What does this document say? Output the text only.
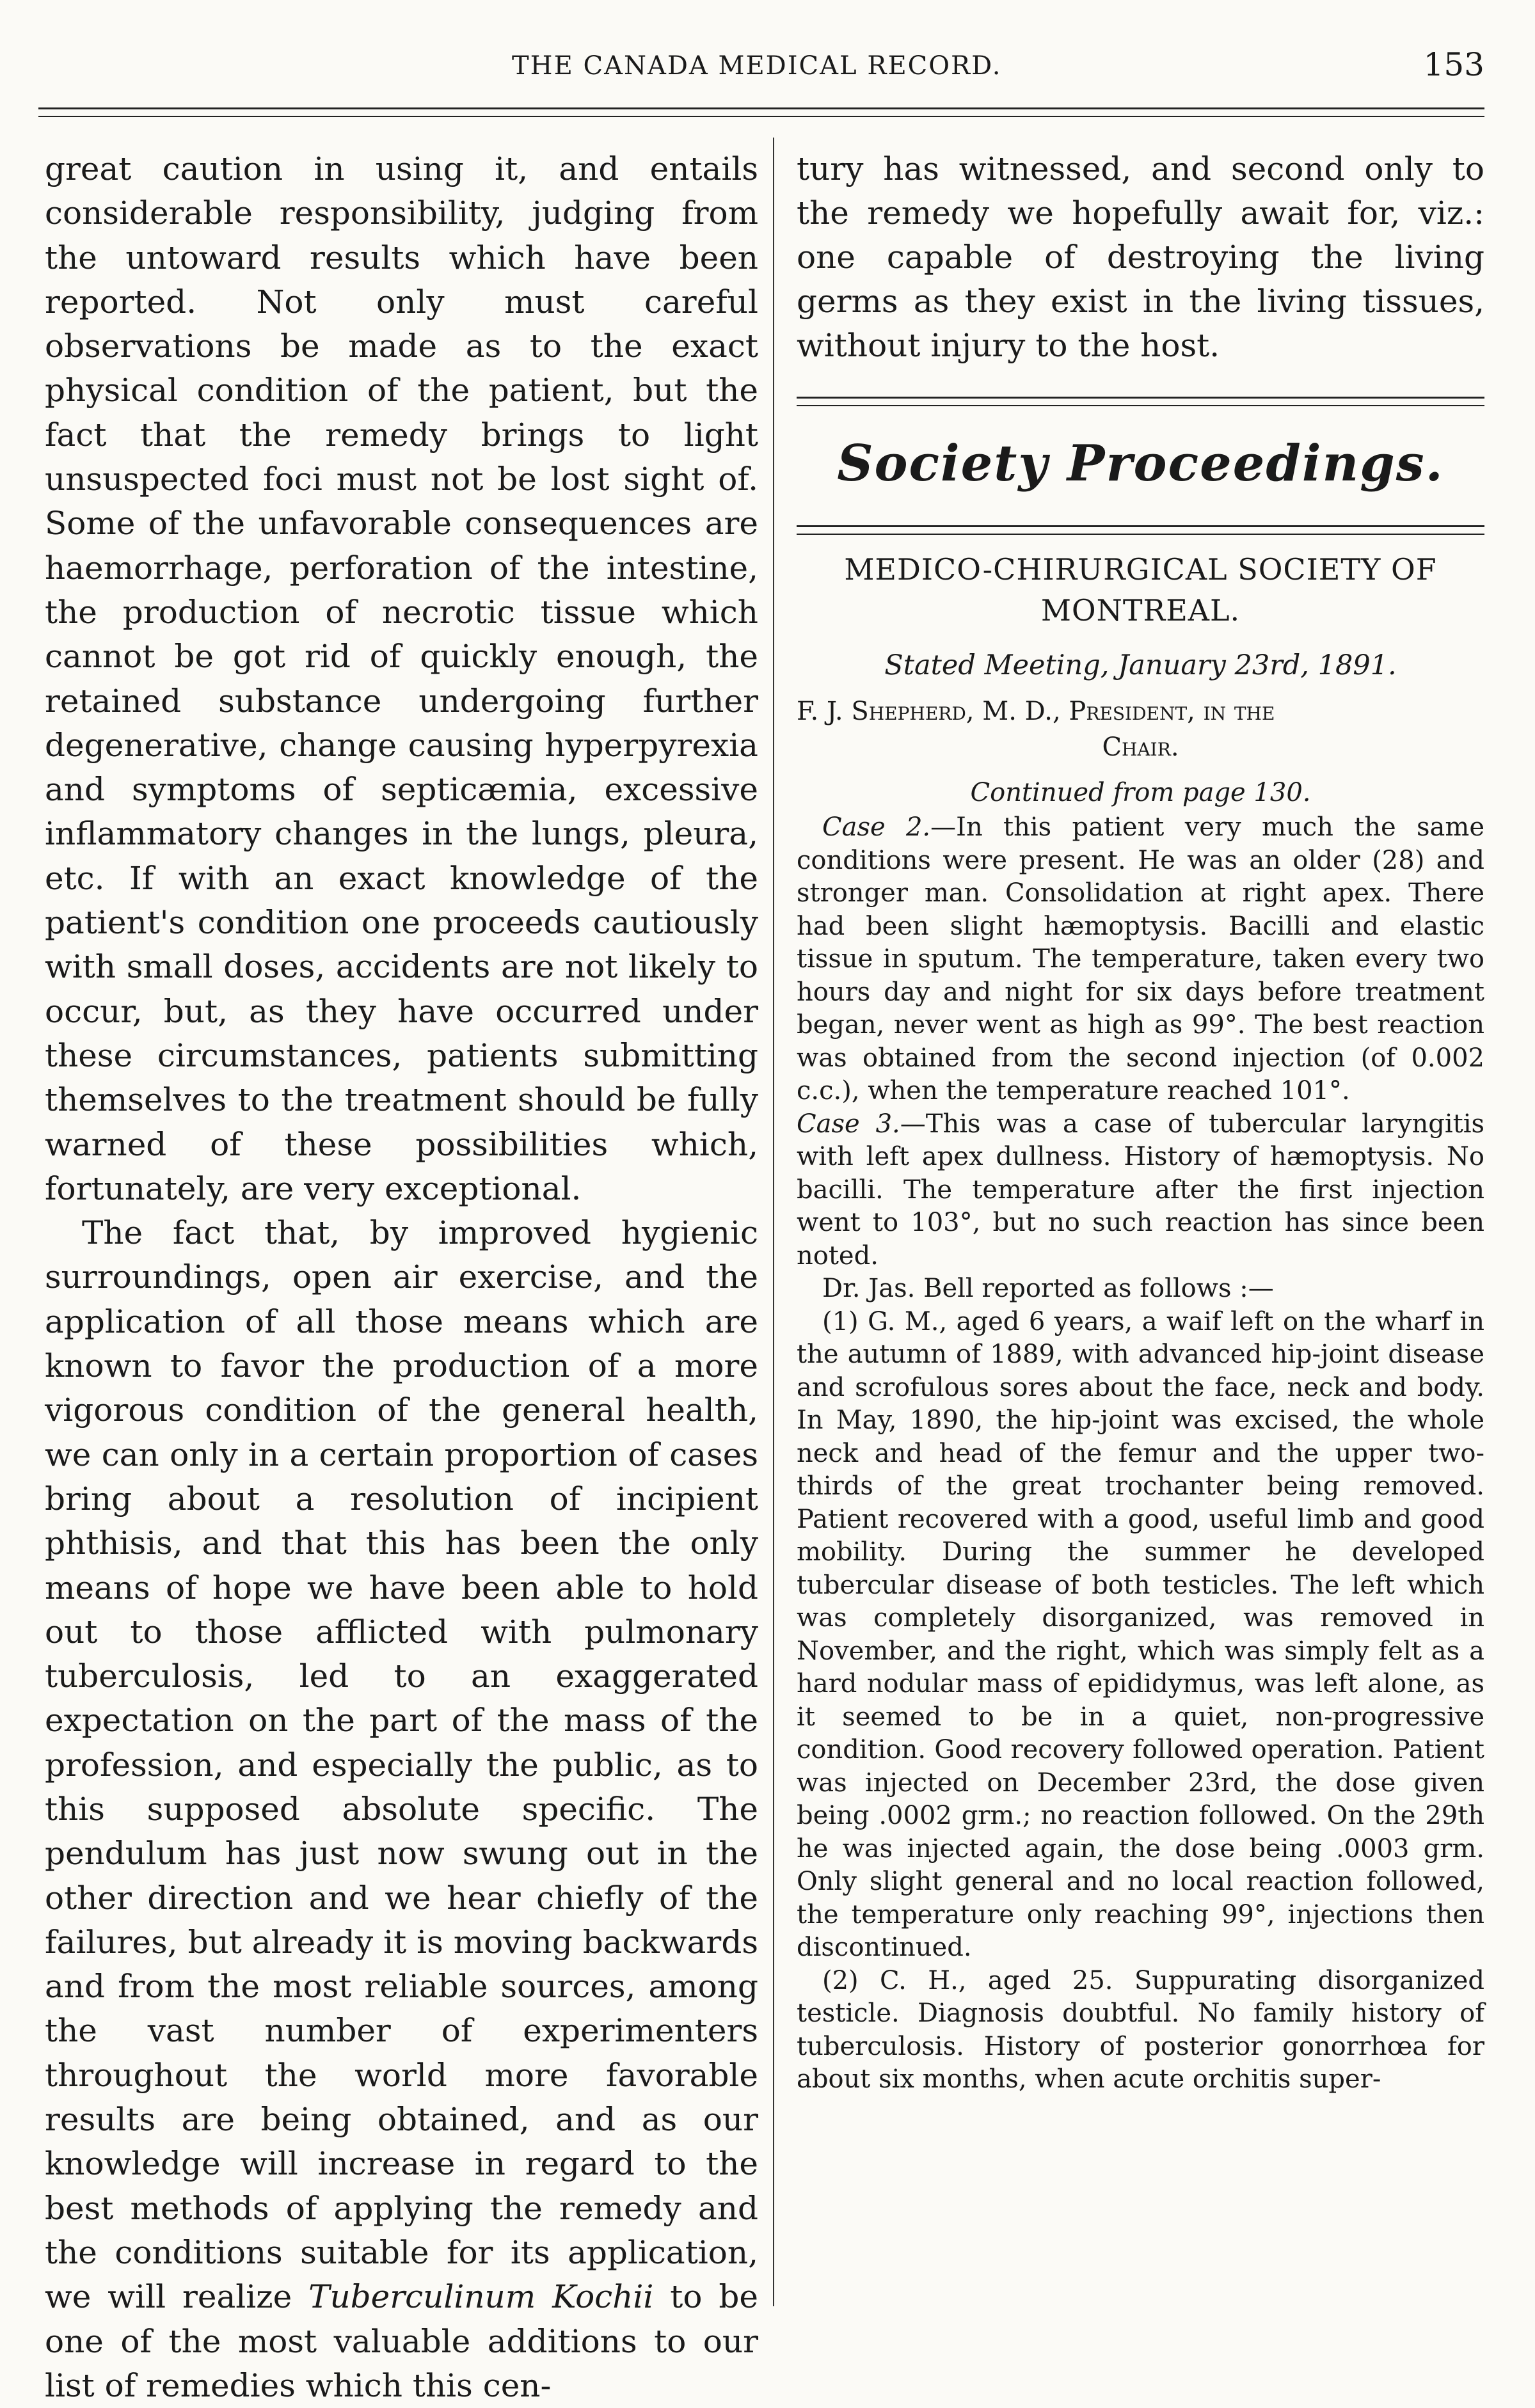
THE CANADA MEDICAL RECORD.	153

great caution in using it, and entails considerable responsibility, judging from the untoward results which have been reported. Not only must careful observations be made as to the exact physical condition of the patient, but the fact that the remedy brings to light unsuspected foci must not be lost sight of. Some of the unfavorable consequences are haemorrhage, perforation of the intestine, the production of necrotic tissue which cannot be got rid of quickly enough, the retained substance undergoing further degenerative, change causing hyperpyrexia and symptoms of septicæmia, excessive inflammatory changes in the lungs, pleura, etc. If with an exact knowledge of the patient's condition one proceeds cautiously with small doses, accidents are not likely to occur, but, as they have occurred under these circumstances, patients submitting themselves to the treatment should be fully warned of these possibilities which, fortunately, are very exceptional.

The fact that, by improved hygienic surroundings, open air exercise, and the application of all those means which are known to favor the production of a more vigorous condition of the general health, we can only in a certain proportion of cases bring about a resolution of incipient phthisis, and that this has been the only means of hope we have been able to hold out to those afflicted with pulmonary tuberculosis, led to an exaggerated expectation on the part of the mass of the profession, and especially the public, as to this supposed absolute specific. The pendulum has just now swung out in the other direction and we hear chiefly of the failures, but already it is moving backwards and from the most reliable sources, among the vast number of experimenters throughout the world more favorable results are being obtained, and as our knowledge will increase in regard to the best methods of applying the remedy and the conditions suitable for its application, we will realize Tuberculinum Kochii to be one of the most valuable additions to our list of remedies which this cen-

tury has witnessed, and second only to the remedy we hopefully await for, viz.: one capable of destroying the living germs as they exist in the living tissues, without injury to the host.

Society Proceedings.
MEDICO-CHIRURGICAL SOCIETY OF MONTREAL.
Stated Meeting, January 23rd, 1891.

F. J. Shepherd, M. D., President, in the

Chair.

Continued from page 130.

Case 2.—In this patient very much the same conditions were present. He was an older (28) and stronger man. Consolidation at right apex. There had been slight hæmoptysis. Bacilli and elastic tissue in sputum. The temperature, taken every two hours day and night for six days before treatment began, never went as high as 99°. The best reaction was obtained from the second injection (of 0.002 c.c.), when the temperature reached 101°.

Case 3.—This was a case of tubercular laryngitis with left apex dullness. History of hæmoptysis. No bacilli. The temperature after the first injection went to 103°, but no such reaction has since been noted.

Dr. Jas. Bell reported as follows :—

(1) G. M., aged 6 years, a waif left on the wharf in the autumn of 1889, with advanced hip-joint disease and scrofulous sores about the face, neck and body. In May, 1890, the hip-joint was excised, the whole neck and head of the femur and the upper two-thirds of the great trochanter being removed. Patient recovered with a good, useful limb and good mobility. During the summer he developed tubercular disease of both testicles. The left which was completely disorganized, was removed in November, and the right, which was simply felt as a hard nodular mass of epididymus, was left alone, as it seemed to be in a quiet, non-progressive condition. Good recovery followed operation. Patient was injected on December 23rd, the dose given being .0002 grm.; no reaction followed. On the 29th he was injected again, the dose being .0003 grm. Only slight general and no local reaction followed, the temperature only reaching 99°, injections then discontinued.

(2) C. H., aged 25. Suppurating disorganized testicle. Diagnosis doubtful. No family history of tuberculosis. History of posterior gonorrhœa for about six months, when acute orchitis super-
